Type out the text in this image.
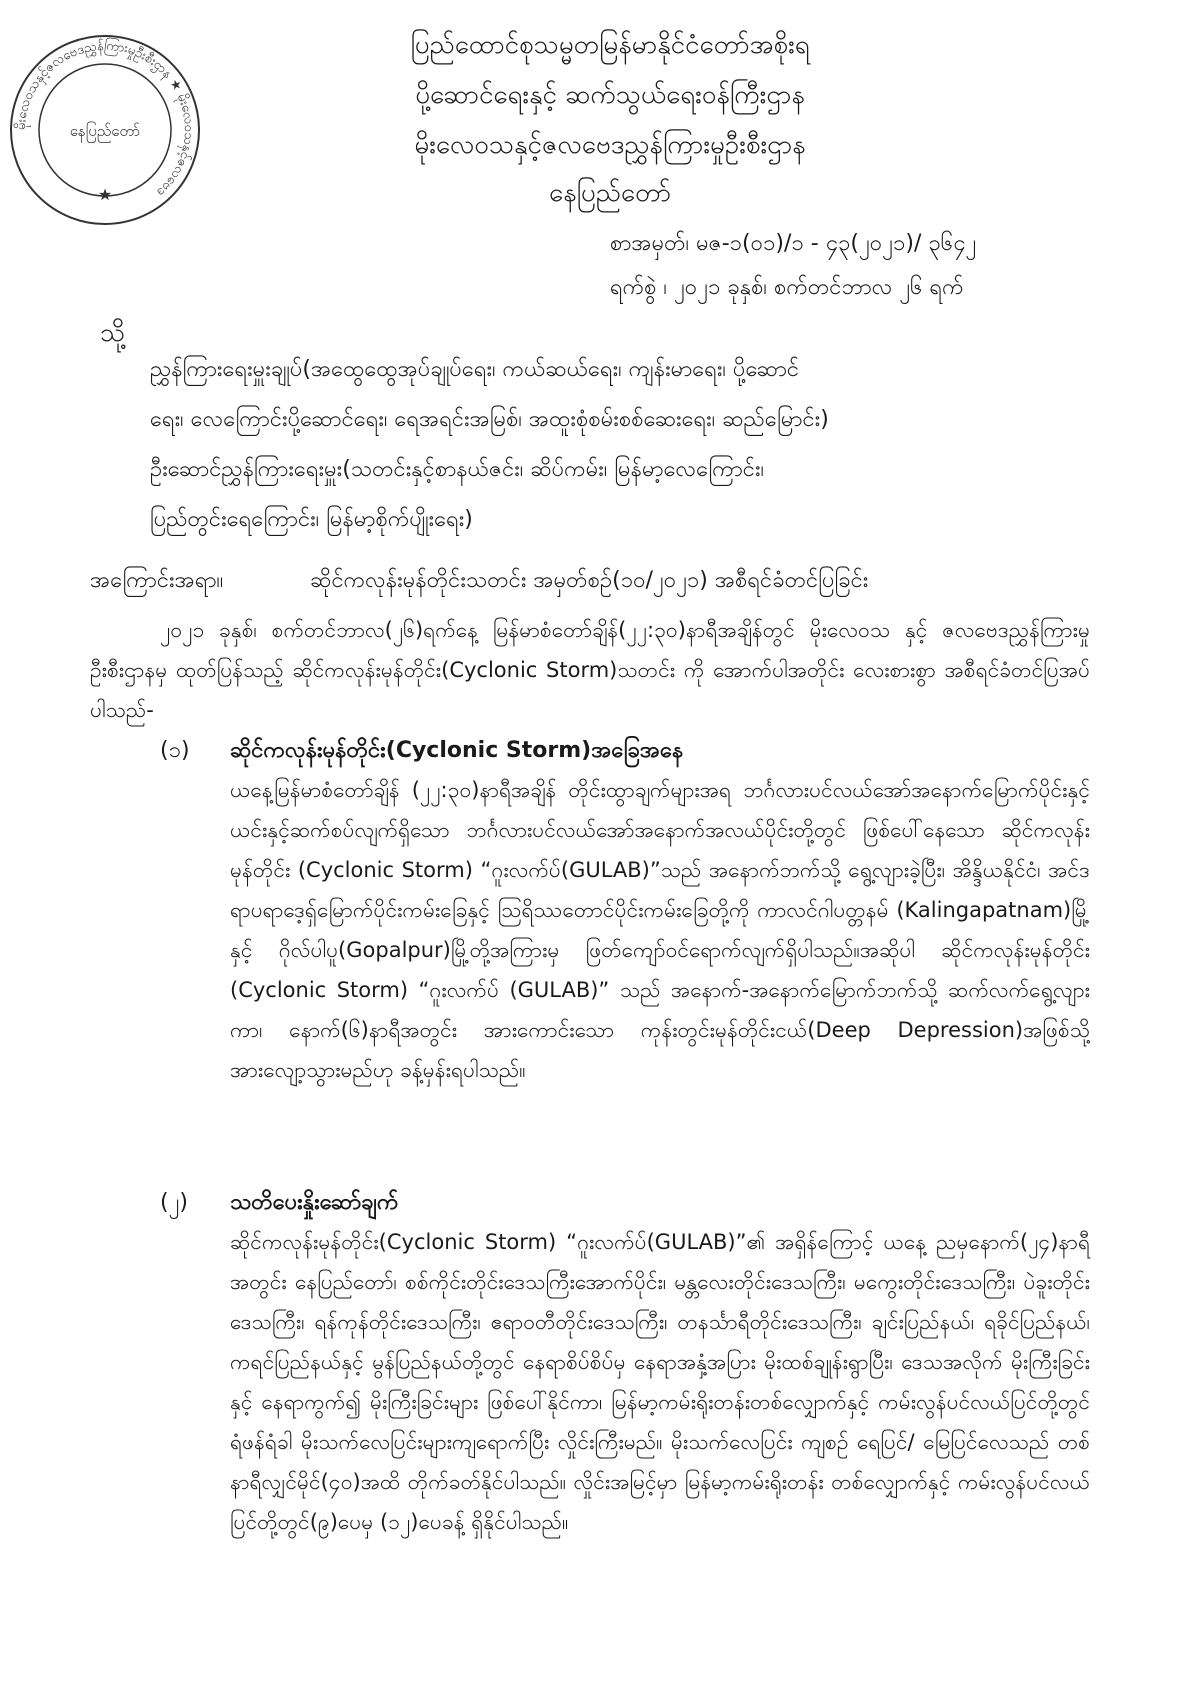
မိုးလေဝသနှင့်ဇလဗေဒညွှန်ကြားမှုဦးစီးဌာန ★ မိုးလေဝသနှင့်ဇလဗေဒ
နေပြည်တော်
★
ပြည်ထောင်စုသမ္မတမြန်မာနိုင်ငံတော်အစိုးရ
ပို့ဆောင်ရေးနှင့် ဆက်သွယ်ရေးဝန်ကြီးဌာန
မိုးလေဝသနှင့်ဇလဗေဒညွှန်ကြားမှုဦးစီးဌာန
နေပြည်တော်
စာအမှတ်၊ မဇ-၁(၀၁)/၁ - ၄၃(၂၀၂၁)/ ၃၆၄၂
ရက်စွဲ ၊ ၂၀၂၁ ခုနှစ်၊ စက်တင်ဘာလ ၂၆ ရက်
သို့

ညွှန်ကြားရေးမှူးချုပ်(အထွေထွေအုပ်ချုပ်ရေး၊ ကယ်ဆယ်ရေး၊ ကျန်းမာရေး၊ ပို့ဆောင်

ရေး၊ လေကြောင်းပို့ဆောင်ရေး၊ ရေအရင်းအမြစ်၊ အထူးစုံစမ်းစစ်ဆေးရေး၊ ဆည်မြောင်း)

ဦးဆောင်ညွှန်ကြားရေးမှူး(သတင်းနှင့်စာနယ်ဇင်း၊ ဆိပ်ကမ်း၊ မြန်မာ့လေကြောင်း၊

ပြည်တွင်းရေကြောင်း၊ မြန်မာ့စိုက်ပျိုးရေး)

အကြောင်းအရာ။	ဆိုင်ကလုန်းမုန်တိုင်းသတင်း အမှတ်စဉ်(၁၀/၂၀၂၁) အစီရင်ခံတင်ပြခြင်း
၂၀၂၁ ခုနှစ်၊ စက်တင်ဘာလ(၂၆)ရက်နေ့ မြန်မာစံတော်ချိန်(၂၂:၃၀)နာရီအချိန်တွင် မိုးလေဝသ နှင့် ဇလဗေဒညွှန်ကြားမှုဦးစီးဌာနမှ ထုတ်ပြန်သည့် ဆိုင်ကလုန်းမုန်တိုင်း(Cyclonic Storm)သတင်း ကို အောက်ပါအတိုင်း လေးစားစွာ အစီရင်ခံတင်ပြအပ်ပါသည်-
(၁) ဆိုင်ကလုန်းမုန်တိုင်း(Cyclonic Storm)အခြေအနေ
ယနေ့မြန်မာစံတော်ချိန် (၂၂:၃၀)နာရီအချိန် တိုင်းထွာချက်များအရ ဘင်္ဂလားပင်လယ်အော်အနောက်မြောက်ပိုင်းနှင့် ယင်းနှင့်ဆက်စပ်လျက်ရှိသော ဘင်္ဂလားပင်လယ်အော်အနောက်အလယ်ပိုင်းတို့တွင် ဖြစ်ပေါ်နေသော ဆိုင်ကလုန်းမုန်တိုင်း (Cyclonic Storm) “ဂူးလက်ပ်(GULAB)”သည် အနောက်ဘက်သို့ ရွေ့လျားခဲ့ပြီး၊ အိန္ဒိယနိုင်ငံ၊ အင်ဒရာပရာဒေ့ရှ်မြောက်ပိုင်းကမ်းခြေနှင့် သြရိဿတောင်ပိုင်းကမ်းခြေတို့ကို ကာလင်ဂါပတ္တနမ် (Kalingapatnam)မြို့နှင့် ဂိုလ်ပါပူ(Gopalpur)မြို့တို့အကြားမှ ဖြတ်ကျော်ဝင်ရောက်လျက်ရှိပါသည်။အဆိုပါ ဆိုင်ကလုန်းမုန်တိုင်း (Cyclonic Storm) “ဂူးလက်ပ် (GULAB)” သည် အနောက်-အနောက်မြောက်ဘက်သို့ ဆက်လက်ရွေ့လျားကာ၊ နောက်(၆)နာရီအတွင်း အားကောင်းသော ကုန်းတွင်းမုန်တိုင်းငယ်(Deep Depression)အဖြစ်သို့ အားလျော့သွားမည်ဟု ခန့်မှန်းရပါသည်။
(၂) သတိပေးနှိုးဆော်ချက်
ဆိုင်ကလုန်းမုန်တိုင်း(Cyclonic Storm) “ဂူးလက်ပ်(GULAB)”၏ အရှိန်ကြောင့် ယနေ့ ညမှနောက်(၂၄)နာရီအတွင်း နေပြည်တော်၊ စစ်ကိုင်းတိုင်းဒေသကြီးအောက်ပိုင်း၊ မန္တလေးတိုင်းဒေသကြီး၊ မကွေးတိုင်းဒေသကြီး၊ ပဲခူးတိုင်းဒေသကြီး၊ ရန်ကုန်တိုင်းဒေသကြီး၊ ဧရာဝတီတိုင်းဒေသကြီး၊ တနင်္သာရီတိုင်းဒေသကြီး၊ ချင်းပြည်နယ်၊ ရခိုင်ပြည်နယ်၊ ကရင်ပြည်နယ်နှင့် မွန်ပြည်နယ်တို့တွင် နေရာစိပ်စိပ်မှ နေရာအနှံ့အပြား မိုးထစ်ချုန်းရွာပြီး၊ ဒေသအလိုက် မိုးကြီးခြင်းနှင့် နေရာကွက်၍ မိုးကြီးခြင်းများ ဖြစ်ပေါ်နိုင်ကာ၊ မြန်မာ့ကမ်းရိုးတန်းတစ်လျှောက်နှင့် ကမ်းလွန်ပင်လယ်ပြင်တို့တွင် ရံဖန်ရံခါ မိုးသက်လေပြင်းများကျရောက်ပြီး လှိုင်းကြီးမည်။ မိုးသက်လေပြင်း ကျစဉ် ရေပြင်/ မြေပြင်လေသည် တစ်နာရီလျှင်မိုင်(၄၀)အထိ တိုက်ခတ်နိုင်ပါသည်။ လှိုင်းအမြင့်မှာ မြန်မာ့ကမ်းရိုးတန်း တစ်လျှောက်နှင့် ကမ်းလွန်ပင်လယ်ပြင်တို့တွင်(၉)ပေမှ (၁၂)ပေခန့် ရှိနိုင်ပါသည်။
